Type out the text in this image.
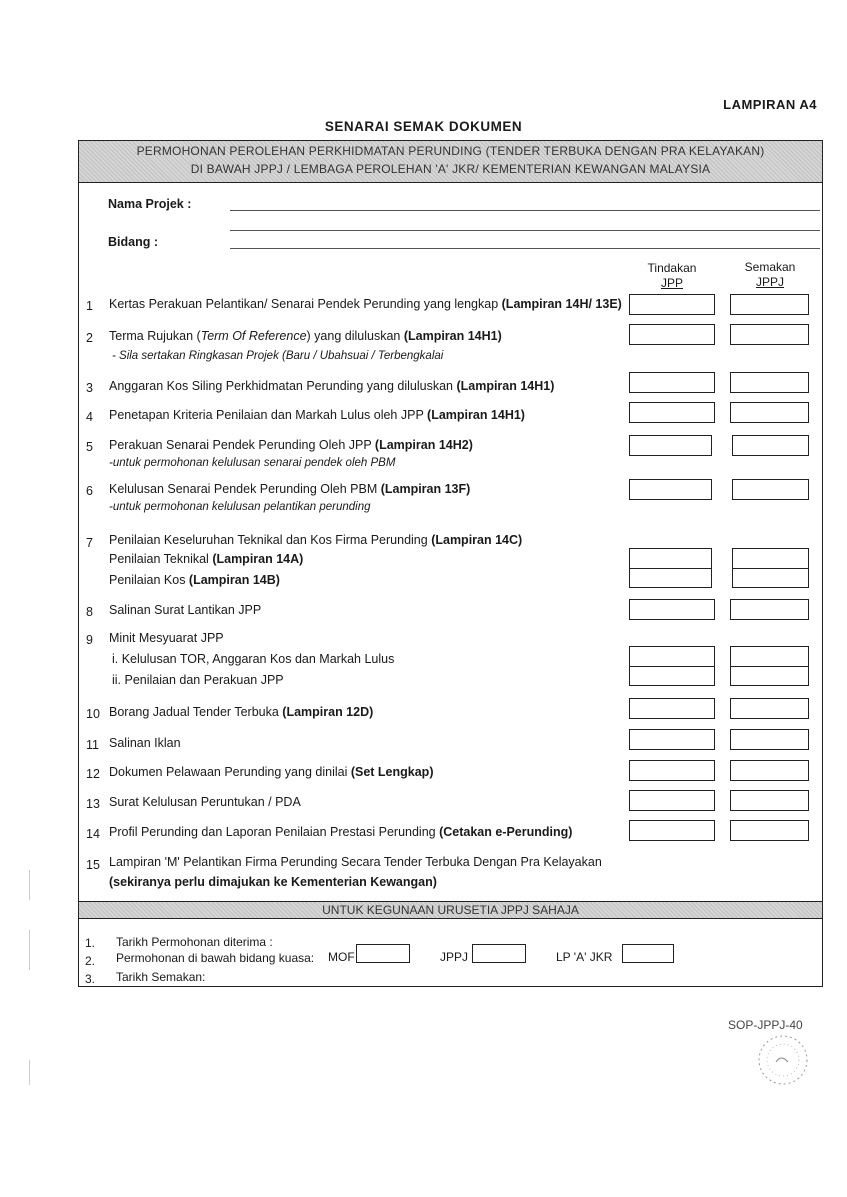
LAMPIRAN A4
SENARAI SEMAK DOKUMEN
PERMOHONAN PEROLEHAN PERKHIDMATAN PERUNDING (TENDER TERBUKA DENGAN PRA KELAYAKAN)
DI BAWAH JPPJ / LEMBAGA PEROLEHAN 'A' JKR/ KEMENTERIAN KEWANGAN MALAYSIA
Nama Projek :
Bidang :
Tindakan
JPP
Semakan
JPPJ
1 Kertas Perakuan Pelantikan/ Senarai Pendek Perunding yang lengkap (Lampiran 14H/ 13E)
2 Terma Rujukan (Term Of Reference) yang diluluskan (Lampiran 14H1)
- Sila sertakan Ringkasan Projek (Baru / Ubahsuai / Terbengkalai
3 Anggaran Kos Siling Perkhidmatan Perunding yang diluluskan (Lampiran 14H1)
4 Penetapan Kriteria Penilaian dan Markah Lulus oleh JPP (Lampiran 14H1)
5 Perakuan Senarai Pendek Perunding Oleh JPP (Lampiran 14H2)
-untuk permohonan kelulusan senarai pendek oleh PBM
6 Kelulusan Senarai Pendek Perunding Oleh PBM (Lampiran 13F)
-untuk permohonan kelulusan pelantikan perunding
7 Penilaian Keseluruhan Teknikal dan Kos Firma Perunding (Lampiran 14C)
Penilaian Teknikal (Lampiran 14A)
Penilaian Kos (Lampiran 14B)
8 Salinan Surat Lantikan JPP
9 Minit Mesyuarat JPP
i. Kelulusan TOR, Anggaran Kos dan Markah Lulus
ii. Penilaian dan Perakuan JPP
10 Borang Jadual Tender Terbuka (Lampiran 12D)
11 Salinan Iklan
12 Dokumen Pelawaan Perunding yang dinilai (Set Lengkap)
13 Surat Kelulusan Peruntukan / PDA
14 Profil Perunding dan Laporan Penilaian Prestasi Perunding (Cetakan e-Perunding)
15 Lampiran 'M' Pelantikan Firma Perunding Secara Tender Terbuka Dengan Pra Kelayakan
(sekiranya perlu dimajukan ke Kementerian Kewangan)
UNTUK KEGUNAAN URUSETIA JPPJ SAHAJA
1. Tarikh Permohonan diterima :
2. Permohonan di bawah bidang kuasa: MOF	JPPJ	LP 'A' JKR
3. Tarikh Semakan:
SOP-JPPJ-40
